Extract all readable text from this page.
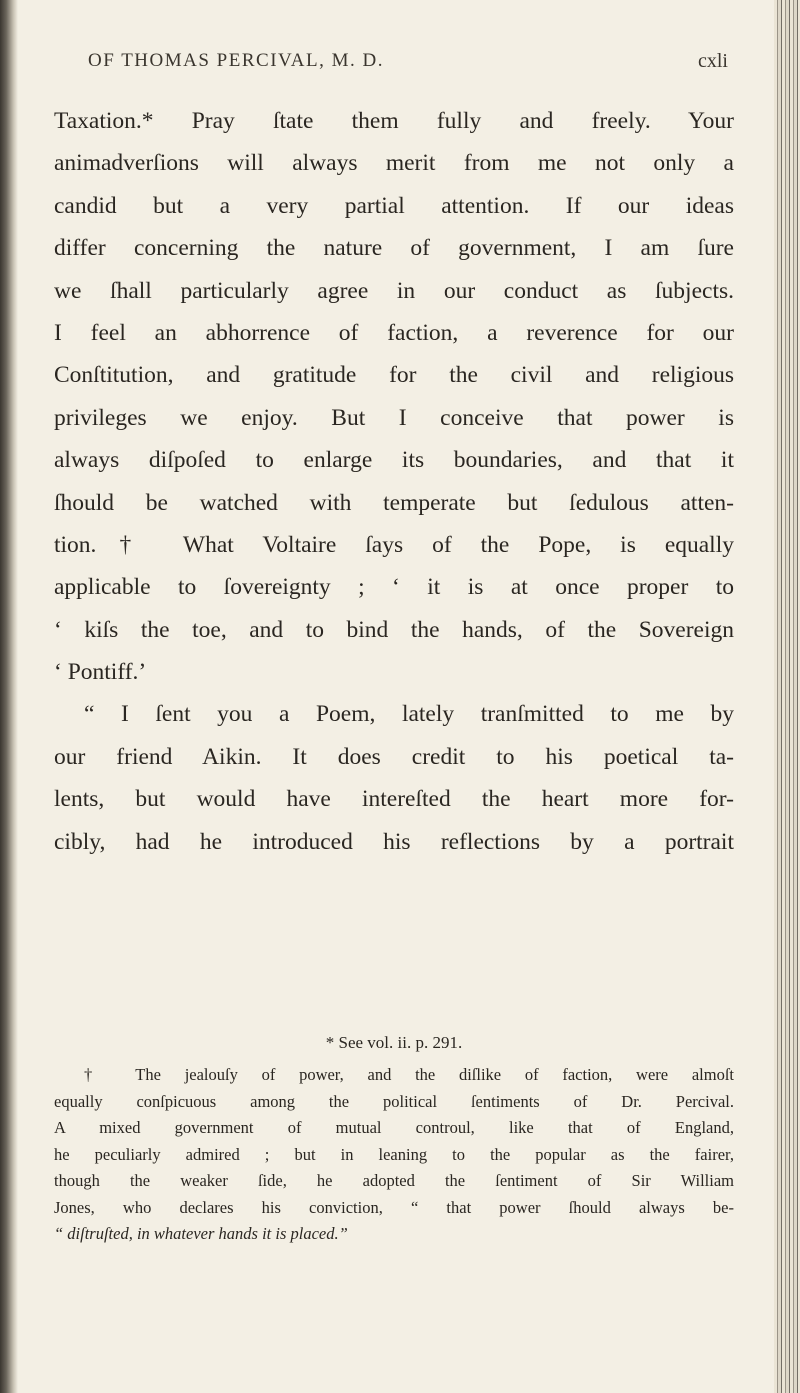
OF THOMAS PERCIVAL, M. D.	cxli
Taxation.* Pray ſtate them fully and freely. Your
animadverſions will always merit from me not only a
candid but a very partial attention. If our ideas
differ concerning the nature of government, I am ſure
we ſhall particularly agree in our conduct as ſubjects.
I feel an abhorrence of faction, a reverence for our
Conſtitution, and gratitude for the civil and religious
privileges we enjoy. But I conceive that power is
always diſpoſed to enlarge its boundaries, and that it
ſhould be watched with temperate but ſedulous atten-
tion.† What Voltaire ſays of the Pope, is equally
applicable to ſovereignty ; ‘ it is at once proper to
‘ kiſs the toe, and to bind the hands, of the Sovereign
‘ Pontiff.’
“ I ſent you a Poem, lately tranſmitted to me by
our friend Aikin. It does credit to his poetical ta-
lents, but would have intereſted the heart more for-
cibly, had he introduced his reflections by a portrait
* See vol. ii. p. 291.
† The jealouſy of power, and the diſlike of faction, were almoſt
equally conſpicuous among the political ſentiments of Dr. Percival.
A mixed government of mutual controul, like that of England,
he peculiarly admired ; but in leaning to the popular as the fairer,
though the weaker ſide, he adopted the ſentiment of Sir William
Jones, who declares his conviction, “ that power ſhould always be-
“ diſtruſted, in whatever hands it is placed.”
